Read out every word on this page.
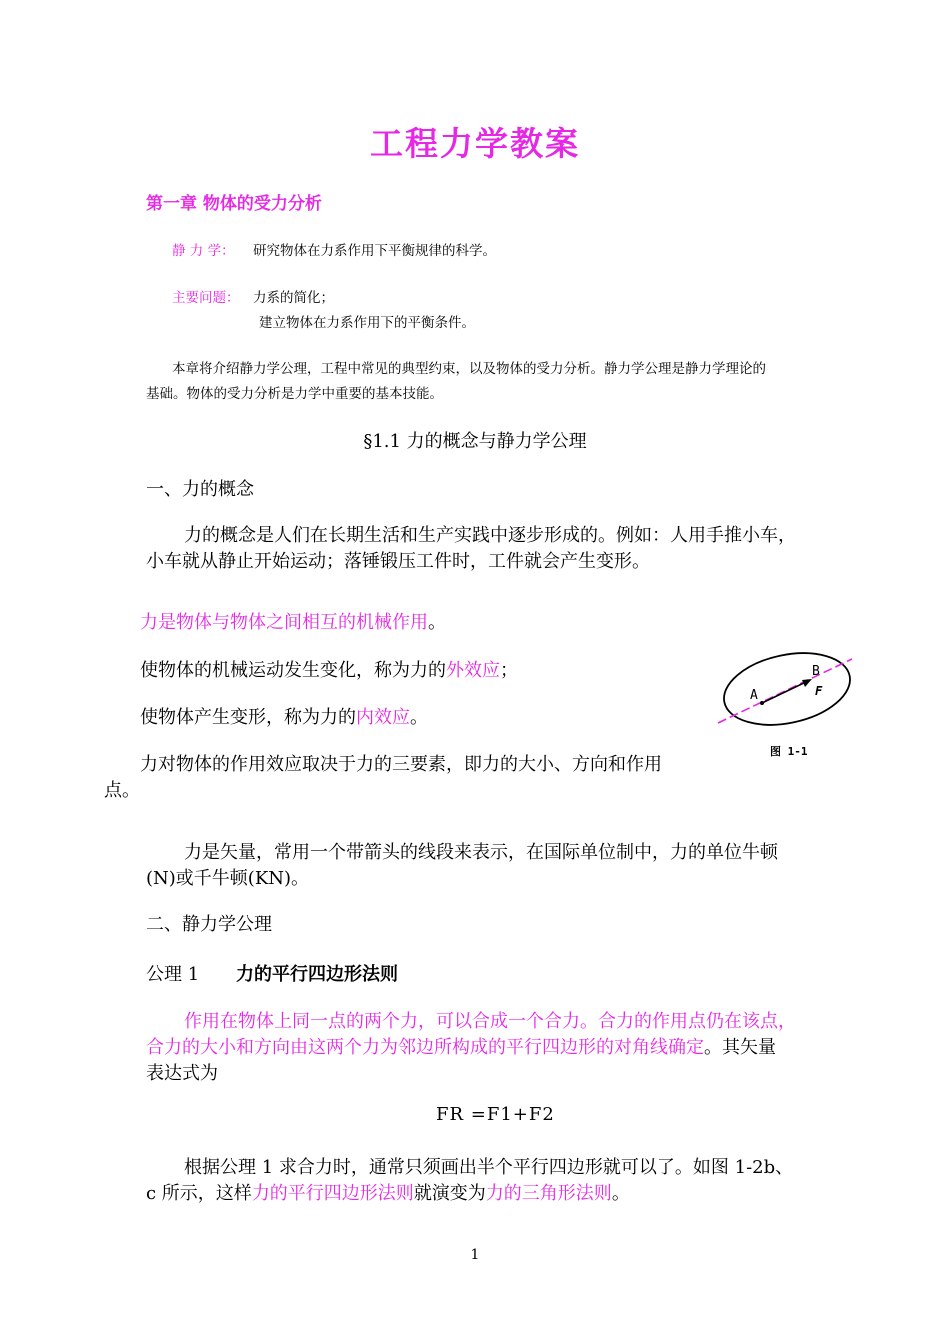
工程力学教案
第一章 物体的受力分析
静 力 学： 研究物体在力系作用下平衡规律的科学。
主要问题： 力系的简化；
建立物体在力系作用下的平衡条件。
本章将介绍静力学公理，工程中常见的典型约束，以及物体的受力分析。静力学公理是静力学理论的
基础。物体的受力分析是力学中重要的基本技能。
§1.1 力的概念与静力学公理
一、力的概念
力的概念是人们在长期生活和生产实践中逐步形成的。例如：人用手推小车，
小车就从静止开始运动；落锤锻压工件时，工件就会产生变形。
力是物体与物体之间相互的机械作用。
使物体的机械运动发生变化，称为力的外效应；
使物体产生变形，称为力的内效应。
力对物体的作用效应取决于力的三要素，即力的大小、方向和作用
点。
A
B
F
图 1-1
力是矢量，常用一个带箭头的线段来表示，在国际单位制中，力的单位牛顿
(N)或千牛顿(KN)。
二、静力学公理
公理 1 力的平行四边形法则
作用在物体上同一点的两个力，可以合成一个合力。合力的作用点仍在该点，
合力的大小和方向由这两个力为邻边所构成的平行四边形的对角线确定。其矢量
表达式为
FR =F1+F2
根据公理 1 求合力时，通常只须画出半个平行四边形就可以了。如图 1-2b、
c 所示，这样力的平行四边形法则就演变为力的三角形法则。
1
